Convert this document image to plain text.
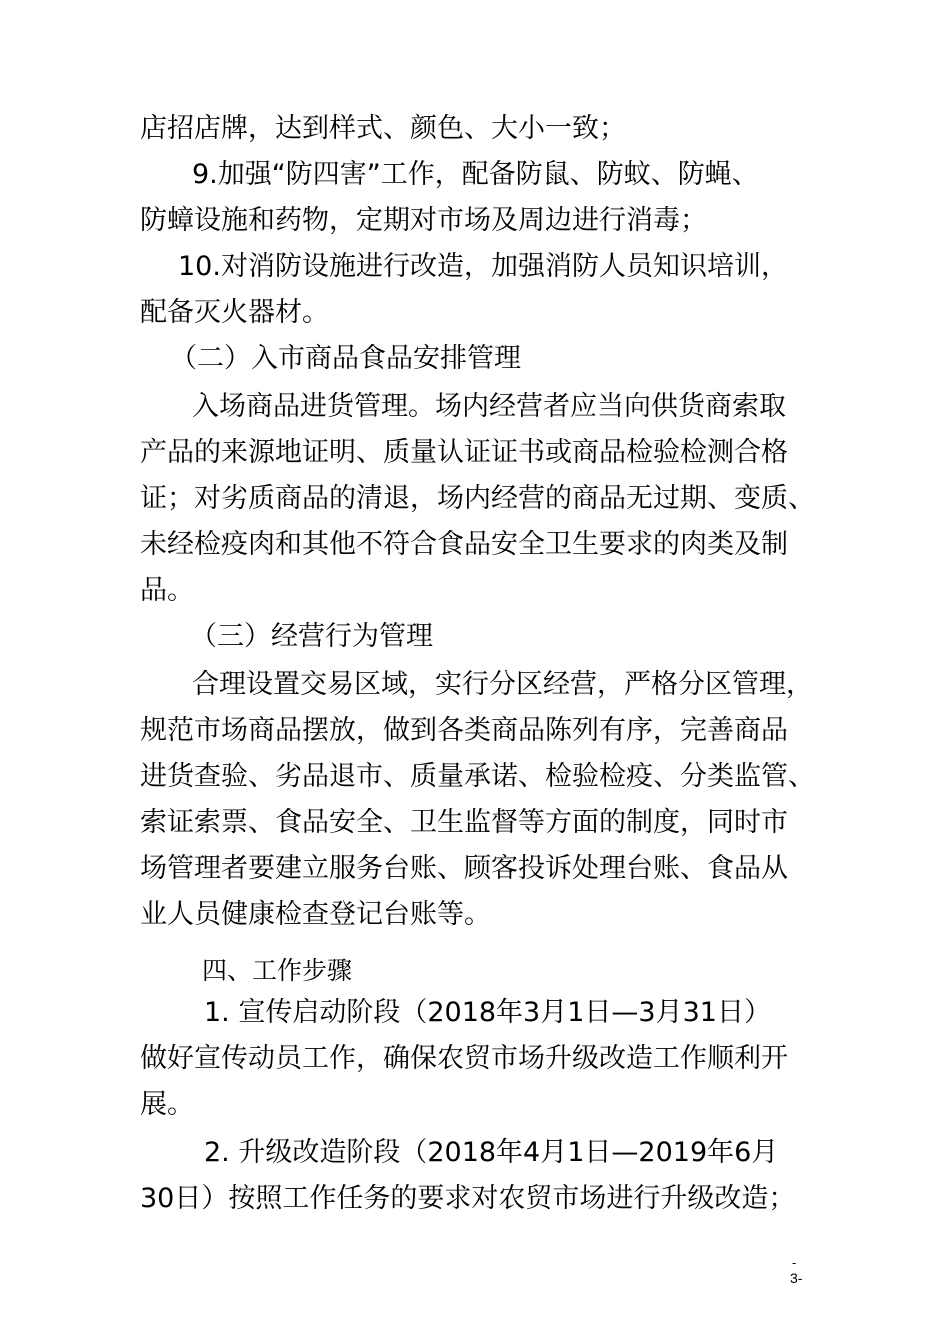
店招店牌，达到样式、颜色、大小一致；
9.加强“防四害”工作，配备防鼠、防蚊、防蝇、
防蟑设施和药物，定期对市场及周边进行消毒；
10.对消防设施进行改造，加强消防人员知识培训，
配备灭火器材。
（二）入市商品食品安排管理
入场商品进货管理。场内经营者应当向供货商索取
产品的来源地证明、质量认证证书或商品检验检测合格
证；对劣质商品的清退，场内经营的商品无过期、变质、
未经检疫肉和其他不符合食品安全卫生要求的肉类及制
品。
（三）经营行为管理
合理设置交易区域，实行分区经营，严格分区管理，
规范市场商品摆放，做到各类商品陈列有序，完善商品
进货查验、劣品退市、质量承诺、检验检疫、分类监管、
索证索票、食品安全、卫生监督等方面的制度，同时市
场管理者要建立服务台账、顾客投诉处理台账、食品从
业人员健康检查登记台账等。
四、工作步骤
1. 宣传启动阶段（2018年3月1日—3月31日）
做好宣传动员工作，确保农贸市场升级改造工作顺利开
展。
2. 升级改造阶段（2018年4月1日—2019年6月
30日）按照工作任务的要求对农贸市场进行升级改造；
-
3-
